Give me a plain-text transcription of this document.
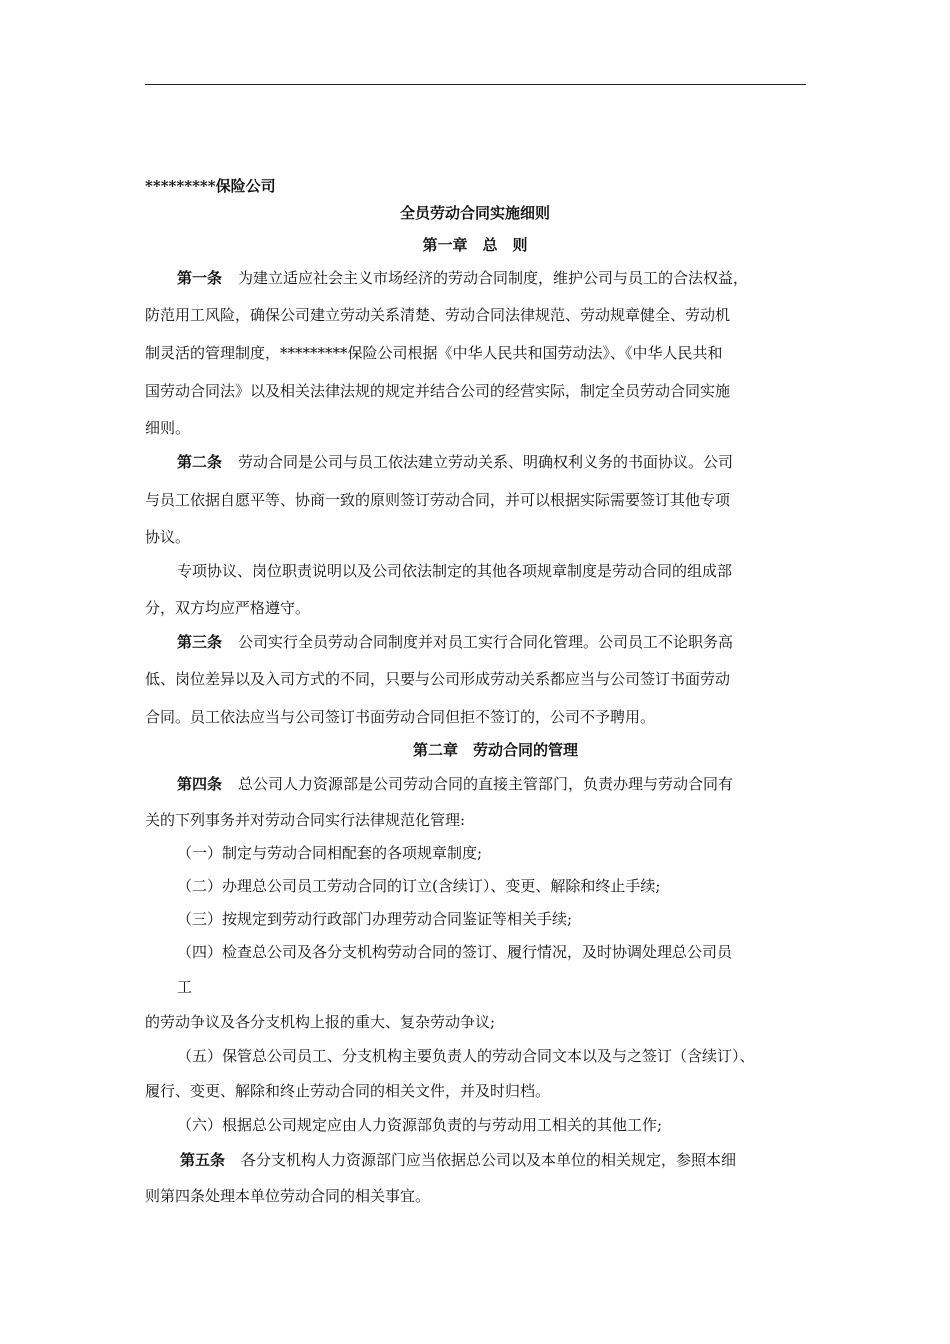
*********保险公司
全员劳动合同实施细则
第一章　总　则
第一条 为建立适应社会主义市场经济的劳动合同制度，维护公司与员工的合法权益，
防范用工风险，确保公司建立劳动关系清楚、劳动合同法律规范、劳动规章健全、劳动机
制灵活的管理制度，*********保险公司根据《中华人民共和国劳动法》、《中华人民共和
国劳动合同法》以及相关法律法规的规定并结合公司的经营实际，制定全员劳动合同实施
细则。
第二条 劳动合同是公司与员工依法建立劳动关系、明确权利义务的书面协议。公司
与员工依据自愿平等、协商一致的原则签订劳动合同，并可以根据实际需要签订其他专项
协议。
专项协议、岗位职责说明以及公司依法制定的其他各项规章制度是劳动合同的组成部
分，双方均应严格遵守。
第三条 公司实行全员劳动合同制度并对员工实行合同化管理。公司员工不论职务高
低、岗位差异以及入司方式的不同，只要与公司形成劳动关系都应当与公司签订书面劳动
合同。员工依法应当与公司签订书面劳动合同但拒不签订的，公司不予聘用。
第二章　劳动合同的管理
第四条 总公司人力资源部是公司劳动合同的直接主管部门，负责办理与劳动合同有
关的下列事务并对劳动合同实行法律规范化管理:
（一）制定与劳动合同相配套的各项规章制度;
（二）办理总公司员工劳动合同的订立(含续订）、变更、解除和终止手续;
（三）按规定到劳动行政部门办理劳动合同鉴证等相关手续;
（四）检查总公司及各分支机构劳动合同的签订、履行情况，及时协调处理总公司员
工
的劳动争议及各分支机构上报的重大、复杂劳动争议;
（五）保管总公司员工、分支机构主要负责人的劳动合同文本以及与之签订（含续订）、
履行、变更、解除和终止劳动合同的相关文件，并及时归档。
（六）根据总公司规定应由人力资源部负责的与劳动用工相关的其他工作;
第五条 各分支机构人力资源部门应当依据总公司以及本单位的相关规定，参照本细
则第四条处理本单位劳动合同的相关事宜。
